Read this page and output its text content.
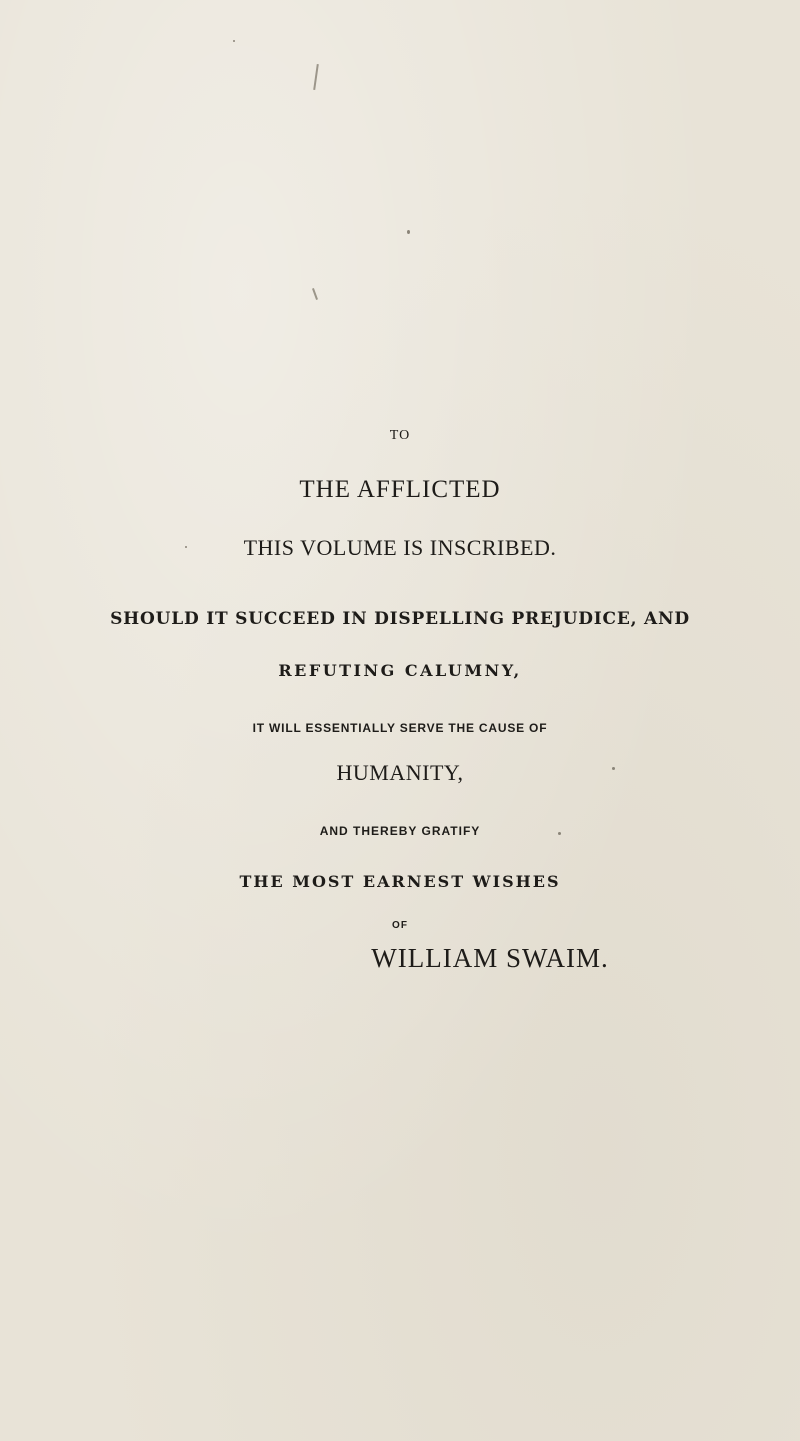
TO
THE AFFLICTED
THIS VOLUME IS INSCRIBED.
SHOULD IT SUCCEED IN DISPELLING PREJUDICE, AND
REFUTING CALUMNY,
IT WILL ESSENTIALLY SERVE THE CAUSE OF
HUMANITY,
AND THEREBY GRATIFY
THE MOST EARNEST WISHES
OF
WILLIAM SWAIM.
